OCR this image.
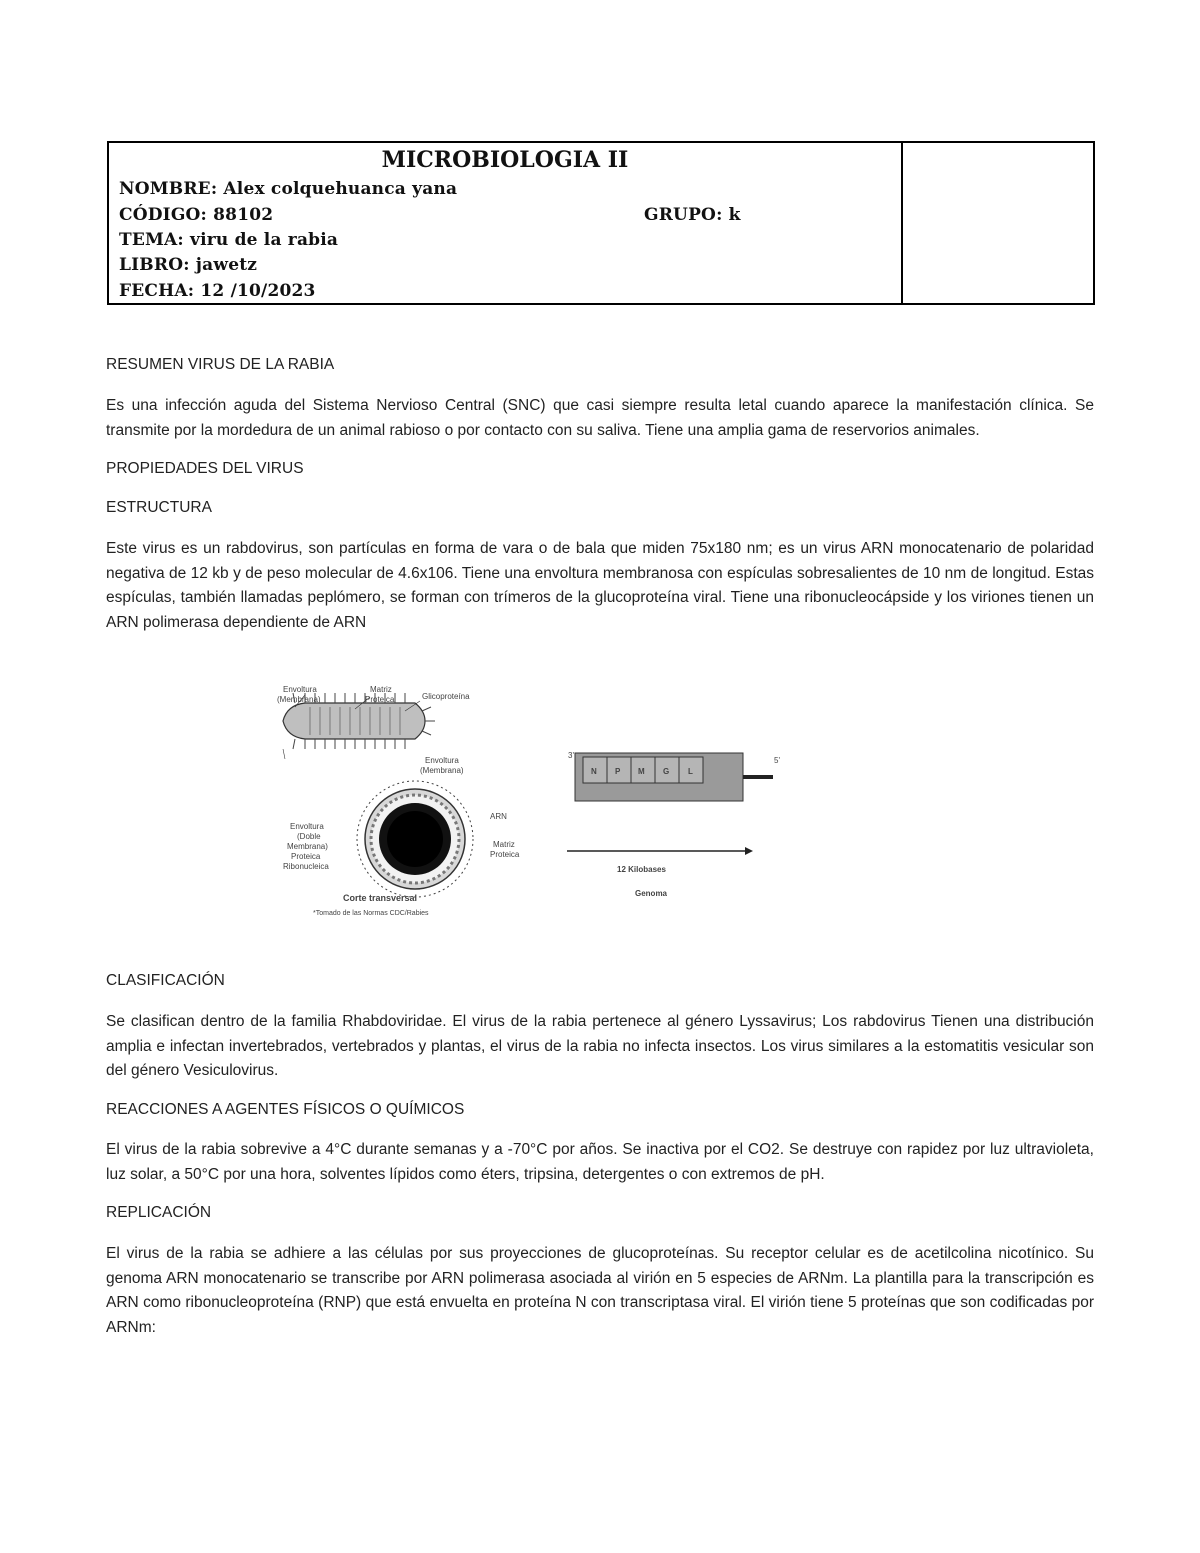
MICROBIOLOGIA II
NOMBRE: Alex colquehuanca yana
CÓDIGO: 88102	GRUPO: k
TEMA: viru de la rabia
LIBRO: jawetz
FECHA: 12 /10/2023
RESUMEN VIRUS DE LA RABIA

Es una infección aguda del Sistema Nervioso Central (SNC) que casi siempre resulta letal cuando aparece la manifestación clínica. Se transmite por la mordedura de un animal rabioso o por contacto con su saliva. Tiene una amplia gama de reservorios animales.

PROPIEDADES DEL VIRUS
ESTRUCTURA

Este virus es un rabdovirus, son partículas en forma de vara o de bala que miden 75x180 nm; es un virus ARN monocatenario de polaridad negativa de 12 kb y de peso molecular de 4.6x106. Tiene una envoltura membranosa con espículas sobresalientes de 10 nm de longitud. Estas espículas, también llamadas peplómero, se forman con trímeros de la glucoproteína viral. Tiene una ribonucleocápside y los viriones tienen un ARN polimerasa dependiente de ARN

Envoltura
(Membrana)
Matriz
Proteica	Glicoproteína
Envoltura
(Membrana)
ARN
Envoltura
(Doble
Membrana)
Proteica
Ribonucleica
Matriz
Proteica
Corte transversal
*Tomado de las Normas CDC/Rabies
N P M G L
3'
5'
12 Kilobases
Genoma
CLASIFICACIÓN

Se clasifican dentro de la familia Rhabdoviridae. El virus de la rabia pertenece al género Lyssavirus; Los rabdovirus Tienen una distribución amplia e infectan invertebrados, vertebrados y plantas, el virus de la rabia no infecta insectos. Los virus similares a la estomatitis vesicular son del género Vesiculovirus.

REACCIONES A AGENTES FÍSICOS O QUÍMICOS

El virus de la rabia sobrevive a 4°C durante semanas y a -70°C por años. Se inactiva por el CO2. Se destruye con rapidez por luz ultravioleta, luz solar, a 50°C por una hora, solventes lípidos como éters, tripsina, detergentes o con extremos de pH.

REPLICACIÓN

El virus de la rabia se adhiere a las células por sus proyecciones de glucoproteínas. Su receptor celular es de acetilcolina nicotínico. Su genoma ARN monocatenario se transcribe por ARN polimerasa asociada al virión en 5 especies de ARNm. La plantilla para la transcripción es ARN como ribonucleoproteína (RNP) que está envuelta en proteína N con transcriptasa viral. El virión tiene 5 proteínas que son codificadas por ARNm:
